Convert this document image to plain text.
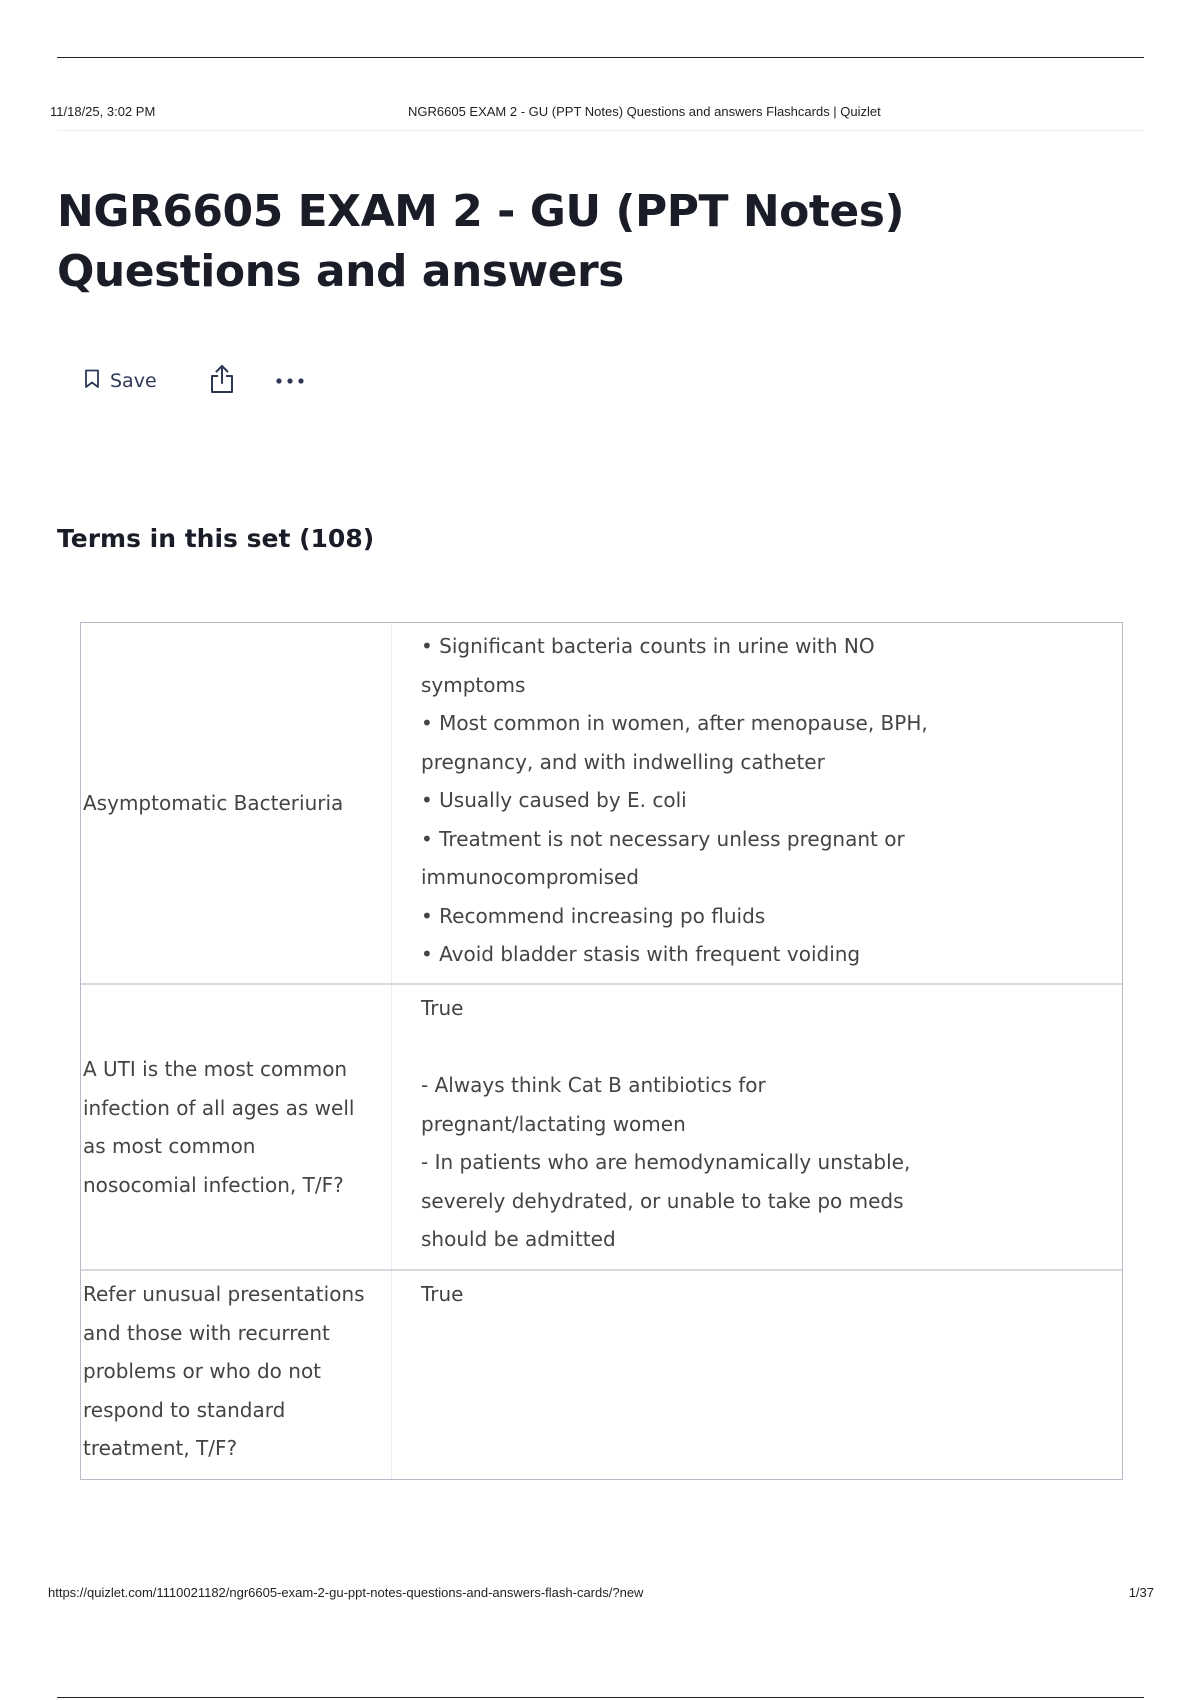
11/18/25, 3:02 PM	NGR6605 EXAM 2 - GU (PPT Notes) Questions and answers Flashcards | Quizlet
NGR6605 EXAM 2 - GU (PPT Notes) Questions and answers
Save
Terms in this set (108)
Asymptomatic Bacteriuria
• Significant bacteria counts in urine with NO
symptoms
• Most common in women, after menopause, BPH,
pregnancy, and with indwelling catheter
• Usually caused by E. coli
• Treatment is not necessary unless pregnant or
immunocompromised
• Recommend increasing po fluids
• Avoid bladder stasis with frequent voiding
A UTI is the most common infection of all ages as well as most common nosocomial infection, T/F?
True
- Always think Cat B antibiotics for
pregnant/lactating women
- In patients who are hemodynamically unstable,
severely dehydrated, or unable to take po meds
should be admitted
Refer unusual presentations and those with recurrent problems or who do not respond to standard treatment, T/F?
True
https://quizlet.com/1110021182/ngr6605-exam-2-gu-ppt-notes-questions-and-answers-flash-cards/?new	1/37
